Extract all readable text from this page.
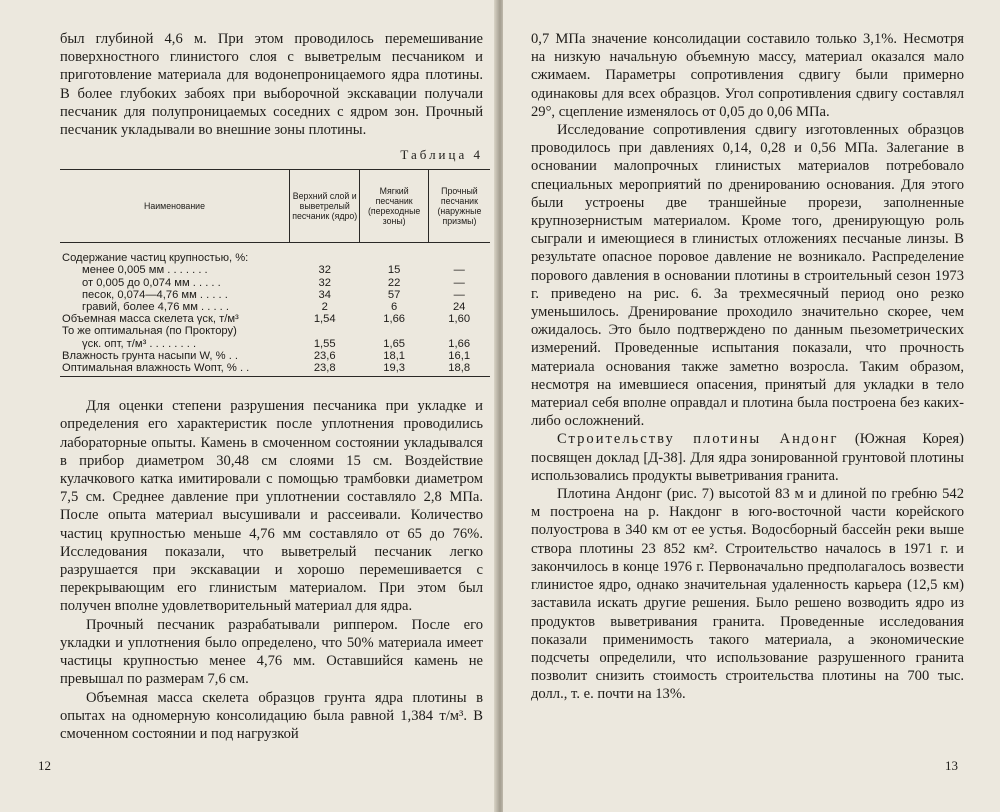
был глубиной 4,6 м. При этом проводилось перемешивание поверхностного глинистого слоя с выветрелым песчаником и приготовление материала для водонепроницаемого ядра плотины. В более глубоких забоях при выборочной экскавации получали песчаник для полупроницаемых соседних с ядром зон. Прочный песчаник укладывали во внешние зоны плотины.

Таблица 4
Наименование	Верхний слой и выветрелый песчаник (ядро)	Мягкий песчаник (переходные зоны)	Прочный песчаник (наружные призмы)
Содержание частиц крупностью, %:			
менее 0,005 мм . . . . . . .	32	15	—
от 0,005 до 0,074 мм . . . . .	32	22	—
песок, 0,074—4,76 мм . . . . .	34	57	—
гравий, более 4,76 мм . . . . .	2	6	24
Объемная масса скелета γск, т/м³	1,54	1,66	1,60
То же оптимальная (по Проктору)			
γск. опт, т/м³ . . . . . . . .	1,55	1,65	1,66
Влажность грунта насыпи W, % . .	23,6	18,1	16,1
Оптимальная влажность Wопт, % . .	23,8	19,3	18,8

Для оценки степени разрушения песчаника при укладке и определения его характеристик после уплотнения проводились лабораторные опыты. Камень в смоченном состоянии укладывался в прибор диаметром 30,48 см слоями 15 см. Воздействие кулачкового катка имитировали с помощью трамбовки диаметром 7,5 см. Среднее давление при уплотнении составляло 2,8 МПа. После опыта материал высушивали и рассеивали. Количество частиц крупностью меньше 4,76 мм составляло от 65 до 76%. Исследования показали, что выветрелый песчаник легко разрушается при экскавации и хорошо перемешивается с перекрывающим его глинистым материалом. При этом был получен вполне удовлетворительный материал для ядра.

Прочный песчаник разрабатывали риппером. После его укладки и уплотнения было определено, что 50% материала имеет частицы крупностью менее 4,76 мм. Оставшийся камень не превышал по размерам 7,6 см.

Объемная масса скелета образцов грунта ядра плотины в опытах на одномерную консолидацию была равной 1,384 т/м³. В смоченном состоянии и под нагрузкой

12

0,7 МПа значение консолидации составило только 3,1%. Несмотря на низкую начальную объемную массу, материал оказался мало сжимаем. Параметры сопротивления сдвигу были примерно одинаковы для всех образцов. Угол сопротивления сдвигу составлял 29°, сцепление изменялось от 0,05 до 0,06 МПа.

Исследование сопротивления сдвигу изготовленных образцов проводилось при давлениях 0,14, 0,28 и 0,56 МПа. Залегание в основании малопрочных глинистых материалов потребовало специальных мероприятий по дренированию основания. Для этого были устроены две траншейные прорези, заполненные крупнозернистым материалом. Кроме того, дренирующую роль сыграли и имеющиеся в глинистых отложениях песчаные линзы. В результате опасное поровое давление не возникало. Распределение порового давления в основании плотины в строительный сезон 1973 г. приведено на рис. 6. За трехмесячный период оно резко уменьшилось. Дренирование проходило значительно скорее, чем ожидалось. Это было подтверждено по данным пьезометрических измерений. Проведенные испытания показали, что прочность материала основания также заметно возросла. Таким образом, несмотря на имевшиеся опасения, принятый для укладки в тело материал себя вполне оправдал и плотина была построена без каких-либо осложнений.

Строительству плотины Андонг (Южная Корея) посвящен доклад [Д-38]. Для ядра зонированной грунтовой плотины использовались продукты выветривания гранита.

Плотина Андонг (рис. 7) высотой 83 м и длиной по гребню 542 м построена на р. Накдонг в юго-восточной части корейского полуострова в 340 км от ее устья. Водосборный бассейн реки выше створа плотины 23 852 км². Строительство началось в 1971 г. и закончилось в конце 1976 г. Первоначально предполагалось возвести глинистое ядро, однако значительная удаленность карьера (12,5 км) заставила искать другие решения. Было решено возводить ядро из продуктов выветривания гранита. Проведенные исследования показали применимость такого материала, а экономические подсчеты определили, что использование разрушенного гранита позволит снизить стоимость строительства плотины на 700 тыс. долл., т. е. почти на 13%.

13
